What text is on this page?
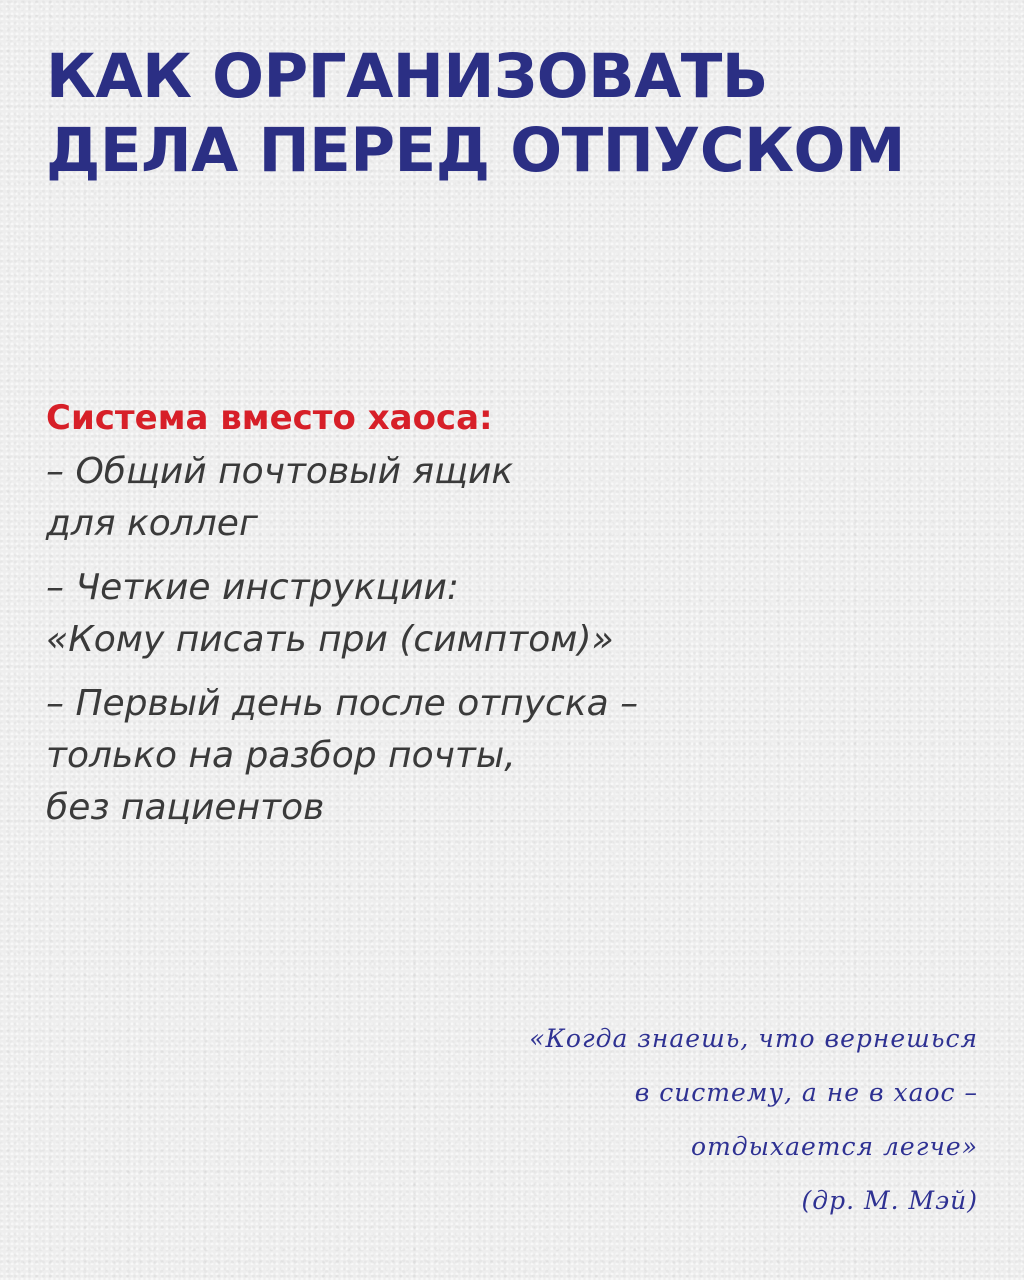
КАК ОРГАНИЗОВАТЬ
ДЕЛА ПЕРЕД ОТПУСКОМ

Система вместо хаоса:

– Общий почтовый ящик
для коллег
– Четкие инструкции:
«Кому писать при (симптом)»
– Первый день после отпуска –
только на разбор почты,
без пациентов
«Когда знаешь, что вернешься
в систему, а не в хаос –
отдыхается легче»
(др. М. Мэй)
